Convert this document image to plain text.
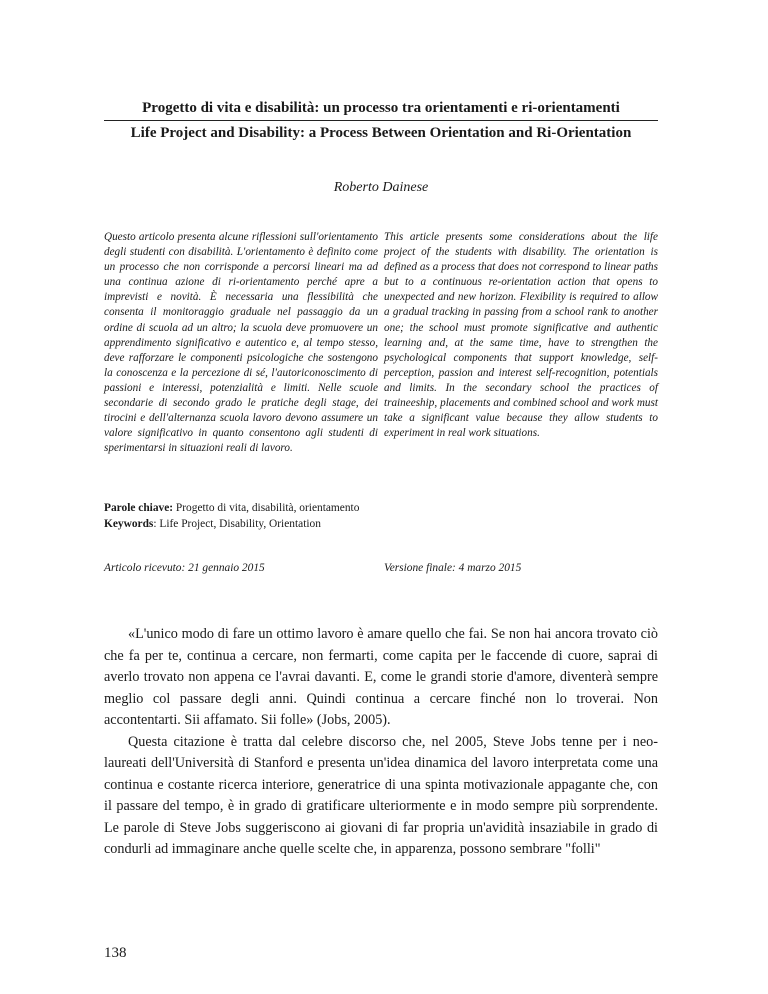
Progetto di vita e disabilità: un processo tra orientamenti e ri-orientamenti
Life Project and Disability: a Process Between Orientation and Ri-Orientation
Roberto Dainese
Questo articolo presenta alcune riflessioni sull'orientamento degli studenti con disabilità. L'orientamento è definito come un processo che non corrisponde a percorsi lineari ma ad una continua azione di ri-orientamento perché apre a imprevisti e novità. È necessaria una flessibilità che consenta il monitoraggio graduale nel passaggio da un ordine di scuola ad un altro; la scuola deve promuovere un apprendimento significativo e autentico e, al tempo stesso, deve rafforzare le componenti psicologiche che sostengono la conoscenza e la percezione di sé, l'autoriconoscimento di passioni e interessi, potenzialità e limiti. Nelle scuole secondarie di secondo grado le pratiche degli stage, dei tirocini e dell'alternanza scuola lavoro devono assumere un valore significativo in quanto consentono agli studenti di sperimentarsi in situazioni reali di lavoro.
This article presents some considerations about the life project of the students with disability. The orientation is defined as a process that does not correspond to linear paths but to a continuous re-orientation action that opens to unexpected and new horizon. Flexibility is required to allow a gradual tracking in passing from a school rank to another one; the school must promote significative and authentic learning and, at the same time, have to strengthen the psychological components that support knowledge, self-perception, passion and interest self-recognition, potentials and limits. In the secondary school the practices of traineeship, placements and combined school and work must take a significant value because they allow students to experiment in real work situations.
Parole chiave: Progetto di vita, disabilità, orientamento
Keywords: Life Project, Disability, Orientation
Articolo ricevuto: 21 gennaio 2015	Versione finale: 4 marzo 2015

«L'unico modo di fare un ottimo lavoro è amare quello che fai. Se non hai ancora trovato ciò che fa per te, continua a cercare, non fermarti, come capita per le faccende di cuore, saprai di averlo trovato non appena ce l'avrai davanti. E, come le grandi storie d'amore, diventerà sempre meglio col passare degli anni. Quindi continua a cercare finché non lo troverai. Non accontentarti. Sii affamato. Sii folle» (Jobs, 2005).

Questa citazione è tratta dal celebre discorso che, nel 2005, Steve Jobs tenne per i neo-laureati dell'Università di Stanford e presenta un'idea dinamica del lavoro interpretata come una continua e costante ricerca interiore, generatrice di una spinta motivazionale appagante che, con il passare del tempo, è in grado di gratificare ulteriormente e in modo sempre più sorprendente. Le parole di Steve Jobs suggeriscono ai giovani di far propria un'avidità insaziabile in grado di condurli ad immaginare anche quelle scelte che, in apparenza, possono sembrare "folli"

138
